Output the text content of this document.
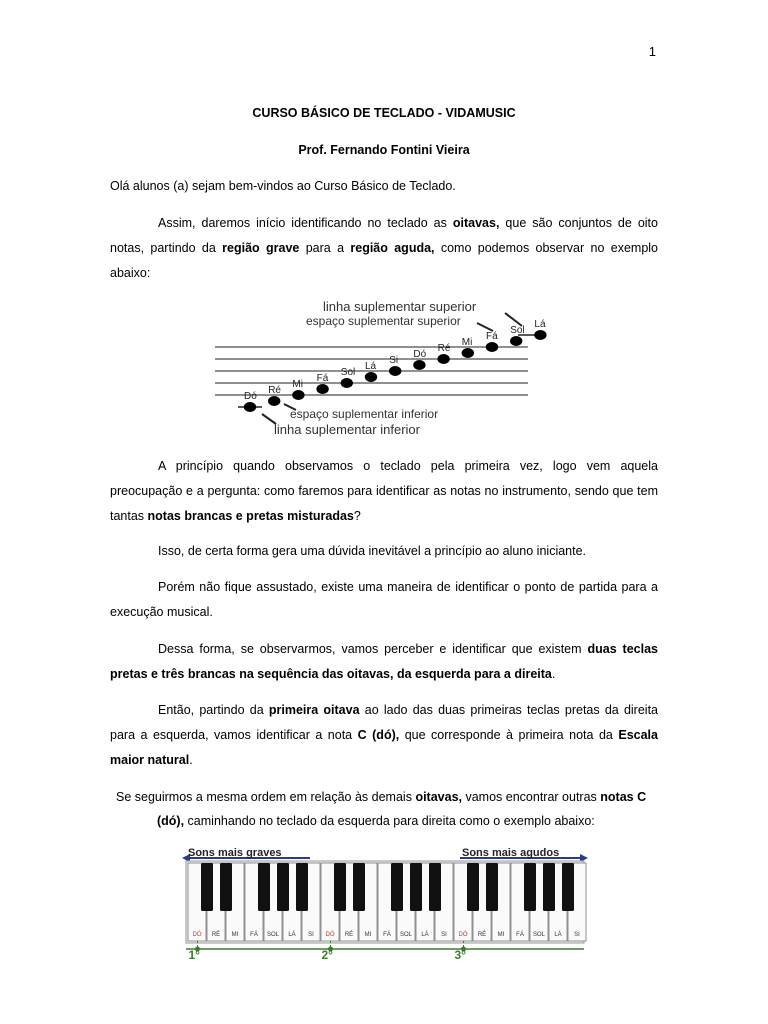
1
CURSO BÁSICO DE TECLADO - VIDAMUSIC
Prof. Fernando Fontini Vieira
Olá alunos (a) sejam bem-vindos ao Curso Básico de Teclado.
Assim, daremos início identificando no teclado as oitavas, que são conjuntos de oito notas, partindo da região grave para a região aguda, como podemos observar no exemplo abaixo:
linha suplementar superior
espaço suplementar superior
espaço suplementar inferior
linha suplementar inferior
Dó
Ré
Mi
Fá
Sol
Lá
Si
Dó
Ré
Mi
Fá
Sol
Lá
A princípio quando observamos o teclado pela primeira vez, logo vem aquela preocupação e a pergunta: como faremos para identificar as notas no instrumento, sendo que tem tantas notas brancas e pretas misturadas?
Isso, de certa forma gera uma dúvida inevitável a princípio ao aluno iniciante.
Porém não fique assustado, existe uma maneira de identificar o ponto de partida para a execução musical.
Dessa forma, se observarmos, vamos perceber e identificar que existem duas teclas pretas e três brancas na sequência das oitavas, da esquerda para a direita.
Então, partindo da primeira oitava ao lado das duas primeiras teclas pretas da direita para a esquerda, vamos identificar a nota C (dó), que corresponde à primeira nota da Escala maior natural.
Se seguirmos a mesma ordem em relação às demais oitavas, vamos encontrar outras notas C
(dó), caminhando no teclado da esquerda para direita como o exemplo abaixo:
Sons mais graves	Sons mais agudos
DÓ RÉ MI FÁ SOL LÁ SI DÓ RÉ MI FÁ SOL LÁ SI DÓ RÉ MI FÁ SOL LÁ SI
1°	2°	3°
